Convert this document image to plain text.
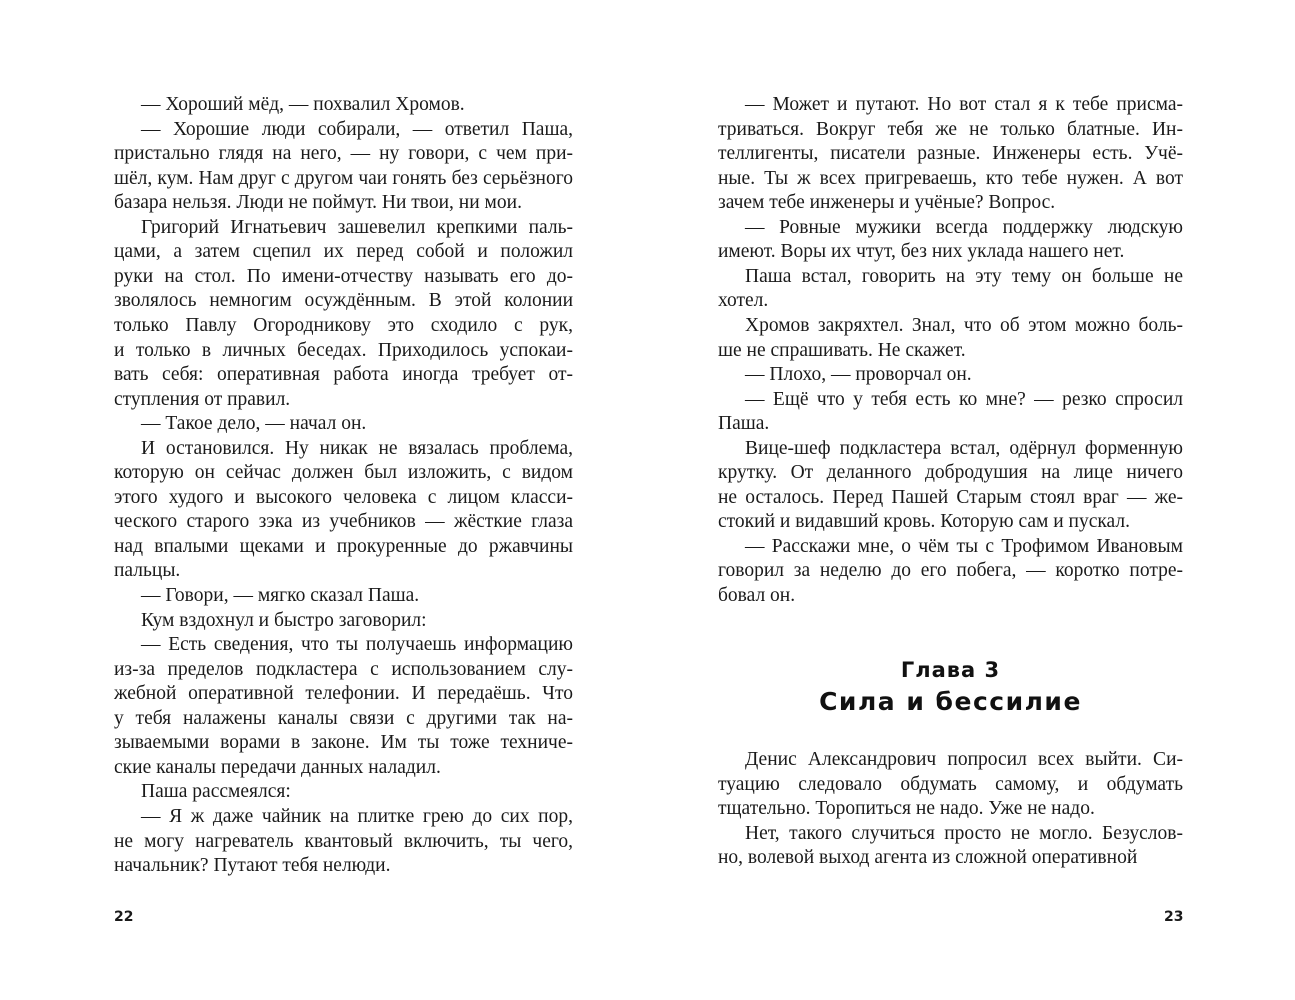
— Хороший мёд, — похвалил Хромов.
— Хорошие люди собирали, — ответил Паша,
пристально глядя на него, — ну говори, с чем при-
шёл, кум. Нам друг с другом чаи гонять без серьёзного
базара нельзя. Люди не поймут. Ни твои, ни мои.
Григорий Игнатьевич зашевелил крепкими паль-
цами, а затем сцепил их перед собой и положил
руки на стол. По имени-отчеству называть его до-
зволялось немногим осуждённым. В этой колонии
только Павлу Огородникову это сходило с рук,
и только в личных беседах. Приходилось успокаи-
вать себя: оперативная работа иногда требует от-
ступления от правил.
— Такое дело, — начал он.
И остановился. Ну никак не вязалась проблема,
которую он сейчас должен был изложить, с видом
этого худого и высокого человека с лицом класси-
ческого старого зэка из учебников — жёсткие глаза
над впалыми щеками и прокуренные до ржавчины
пальцы.
— Говори, — мягко сказал Паша.
Кум вздохнул и быстро заговорил:
— Есть сведения, что ты получаешь информацию
из-за пределов подкластера с использованием слу-
жебной оперативной телефонии. И передаёшь. Что
у тебя налажены каналы связи с другими так на-
зываемыми ворами в законе. Им ты тоже техниче-
ские каналы передачи данных наладил.
Паша рассмеялся:
— Я ж даже чайник на плитке грею до сих пор,
не могу нагреватель квантовый включить, ты чего,
начальник? Путают тебя нелюди.
22
— Может и путают. Но вот стал я к тебе присма-
триваться. Вокруг тебя же не только блатные. Ин-
теллигенты, писатели разные. Инженеры есть. Учё-
ные. Ты ж всех пригреваешь, кто тебе нужен. А вот
зачем тебе инженеры и учёные? Вопрос.
— Ровные мужики всегда поддержку людскую
имеют. Воры их чтут, без них уклада нашего нет.
Паша встал, говорить на эту тему он больше не
хотел.
Хромов закряхтел. Знал, что об этом можно боль-
ше не спрашивать. Не скажет.
— Плохо, — проворчал он.
— Ещё что у тебя есть ко мне? — резко спросил
Паша.
Вице-шеф подкластера встал, одёрнул форменную
крутку. От деланного добродушия на лице ничего
не осталось. Перед Пашей Старым стоял враг — же-
стокий и видавший кровь. Которую сам и пускал.
— Расскажи мне, о чём ты с Трофимом Ивановым
говорил за неделю до его побега, — коротко потре-
бовал он.
Глава 3
Сила и бессилие
Денис Александрович попросил всех выйти. Си-
туацию следовало обдумать самому, и обдумать
тщательно. Торопиться не надо. Уже не надо.
Нет, такого случиться просто не могло. Безуслов-
но, волевой выход агента из сложной оперативной
23
